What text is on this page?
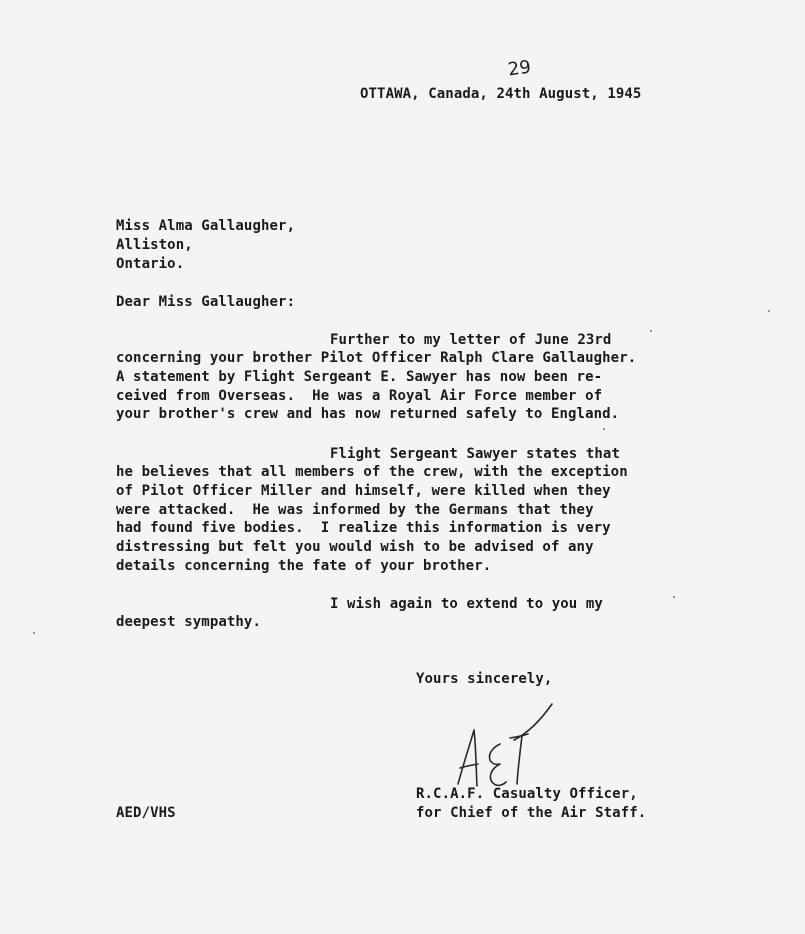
29
OTTAWA, Canada, 24th August, 1945
Miss Alma Gallaugher,
Alliston,
Ontario.
Dear Miss Gallaugher:
Further to my letter of June 23rd
concerning your brother Pilot Officer Ralph Clare Gallaugher.
A statement by Flight Sergeant E. Sawyer has now been re-
ceived from Overseas.  He was a Royal Air Force member of
your brother's crew and has now returned safely to England.
Flight Sergeant Sawyer states that
he believes that all members of the crew, with the exception
of Pilot Officer Miller and himself, were killed when they
were attacked.  He was informed by the Germans that they
had found five bodies.  I realize this information is very
distressing but felt you would wish to be advised of any
details concerning the fate of your brother.
I wish again to extend to you my
deepest sympathy.
Yours sincerely,
R.C.A.F. Casualty Officer,
for Chief of the Air Staff.
AED/VHS
